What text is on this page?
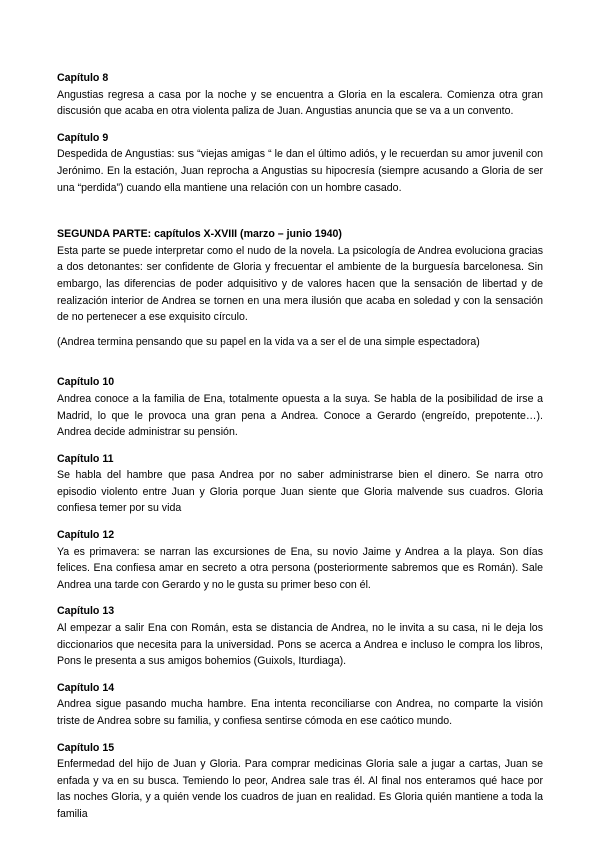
Capítulo 8

Angustias regresa a casa por la noche y se encuentra a Gloria en la escalera. Comienza otra gran discusión que acaba en otra violenta paliza de Juan. Angustias anuncia que se va a un convento.

Capítulo 9

Despedida de Angustias: sus “viejas amigas “ le dan el último adiós, y le recuerdan su amor juvenil con Jerónimo. En la estación, Juan reprocha a Angustias su hipocresía (siempre acusando a Gloria de ser una “perdida”) cuando ella mantiene una relación con un hombre casado.

SEGUNDA PARTE: capítulos X-XVIII (marzo – junio 1940)

Esta parte se puede interpretar como el nudo de la novela. La psicología de Andrea evoluciona gracias a dos detonantes: ser confidente de Gloria y frecuentar el ambiente de la burguesía barcelonesa. Sin embargo, las diferencias de poder adquisitivo y de valores hacen que la sensación de libertad y de realización interior de Andrea se tornen en una mera ilusión que acaba en soledad y con la sensación de no pertenecer a ese exquisito círculo.

(Andrea termina pensando que su papel en la vida va a ser el de una simple espectadora)

Capítulo 10

Andrea conoce a la familia de Ena, totalmente opuesta a la suya. Se habla de la posibilidad de irse a Madrid, lo que le provoca una gran pena a Andrea. Conoce a Gerardo (engreído, prepotente…). Andrea decide administrar su pensión.

Capítulo 11

Se habla del hambre que pasa Andrea por no saber administrarse bien el dinero. Se narra otro episodio violento entre Juan y Gloria porque Juan siente que Gloria malvende sus cuadros. Gloria confiesa temer por su vida

Capítulo 12

Ya es primavera: se narran las excursiones de Ena, su novio Jaime y Andrea a la playa. Son días felices. Ena confiesa amar en secreto a otra persona (posteriormente sabremos que es Román). Sale Andrea una tarde con Gerardo y no le gusta su primer beso con él.

Capítulo 13

Al empezar a salir Ena con Román, esta se distancia de Andrea, no le invita a su casa, ni le deja los diccionarios que necesita para la universidad. Pons se acerca a Andrea e incluso le compra los libros, Pons le presenta a sus amigos bohemios (Guixols, Iturdiaga).

Capítulo 14

Andrea sigue pasando mucha hambre. Ena intenta reconciliarse con Andrea, no comparte la visión triste de Andrea sobre su familia, y confiesa sentirse cómoda en ese caótico mundo.

Capítulo 15

Enfermedad del hijo de Juan y Gloria. Para comprar medicinas Gloria sale a jugar a cartas, Juan se enfada y va en su busca. Temiendo lo peor, Andrea sale tras él. Al final nos enteramos qué hace por las noches Gloria, y a quién vende los cuadros de juan en realidad. Es Gloria quién mantiene a toda la familia
